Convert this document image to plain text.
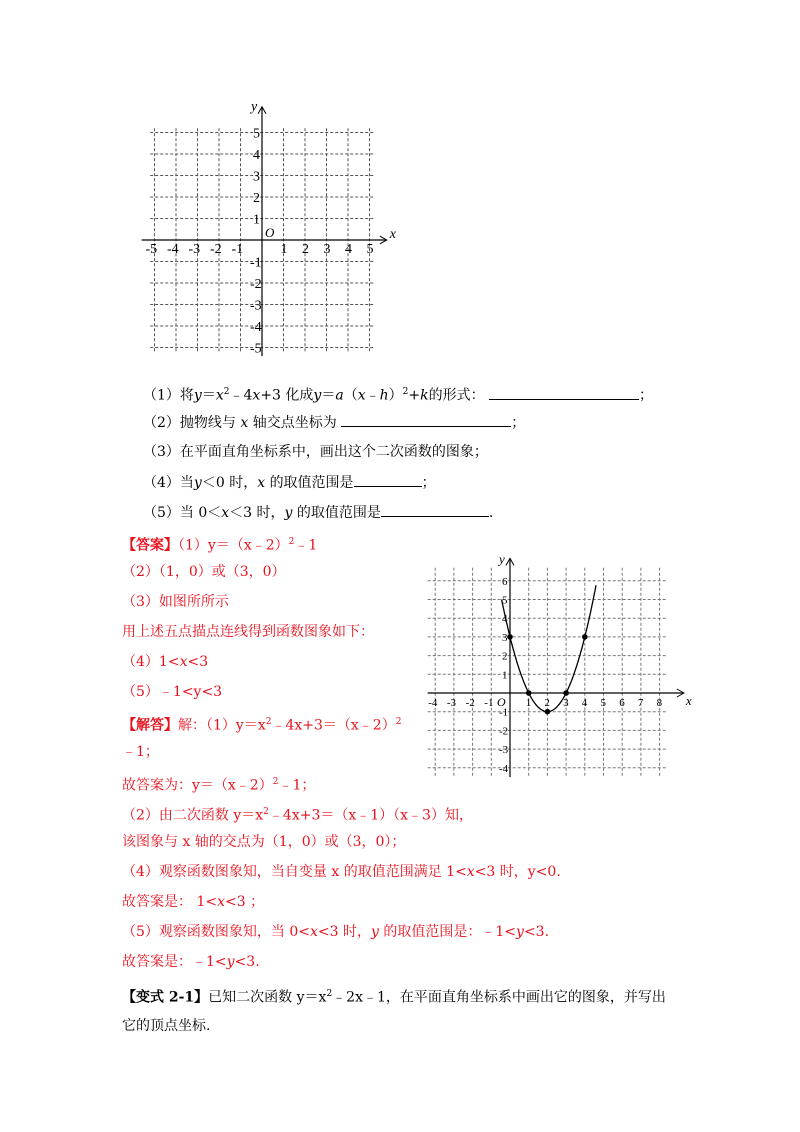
x
y
O
-5 -4 -3 -2 -1	1 2 3 4 5
5
4
3
2
1
-1
-2
-3
-4
-5
（1）将$y=x^2﹣4x+3$ 化成y＝a（x﹣h）$^2$+k的形式：	；
（2）抛物线与 x 轴交点坐标为	；
（3）在平面直角坐标系中，画出这个二次函数的图象；
（4）当y＜0 时，x 的取值范围是	；
（5）当 0＜x＜3 时，y 的取值范围是	.
【答案】（1）y＝（x﹣2）$^2$﹣1
（2）（1，0）或（3，0）
（3）如图所所示
用上述五点描点连线得到函数图象如下：
（4）1<x<3
（5）﹣1<y<3
x
y
O
-4 -3 -2 -1	1 2 3 4 5 6 7 8
6
5
4
3
2
1
-1
-2
-3
-4
【解答】解：$(1)y=x^2﹣4x+3=(x﹣2)^2$
﹣1；
故答案为：y＝（x﹣2）$^2$﹣1；
（2）由二次函数 $y=x^2﹣4x+3=(x﹣1)(x﹣3)$知，
该图象与 x 轴的交点为（1，0）或（3，0）；
（4）观察函数图象知，当自变量 x 的取值范围满足 1<x<3 时，y<0.
故答案是： 1<x<3 ；
（5）观察函数图象知，当 0<x<3 时，y 的取值范围是：﹣1<y<3.
故答案是：﹣1<y<3.
【变式 2-1】已知二次函数 $y=x^2﹣2x﹣1$，在平面直角坐标系中画出它的图象，并写出
它的顶点坐标.
